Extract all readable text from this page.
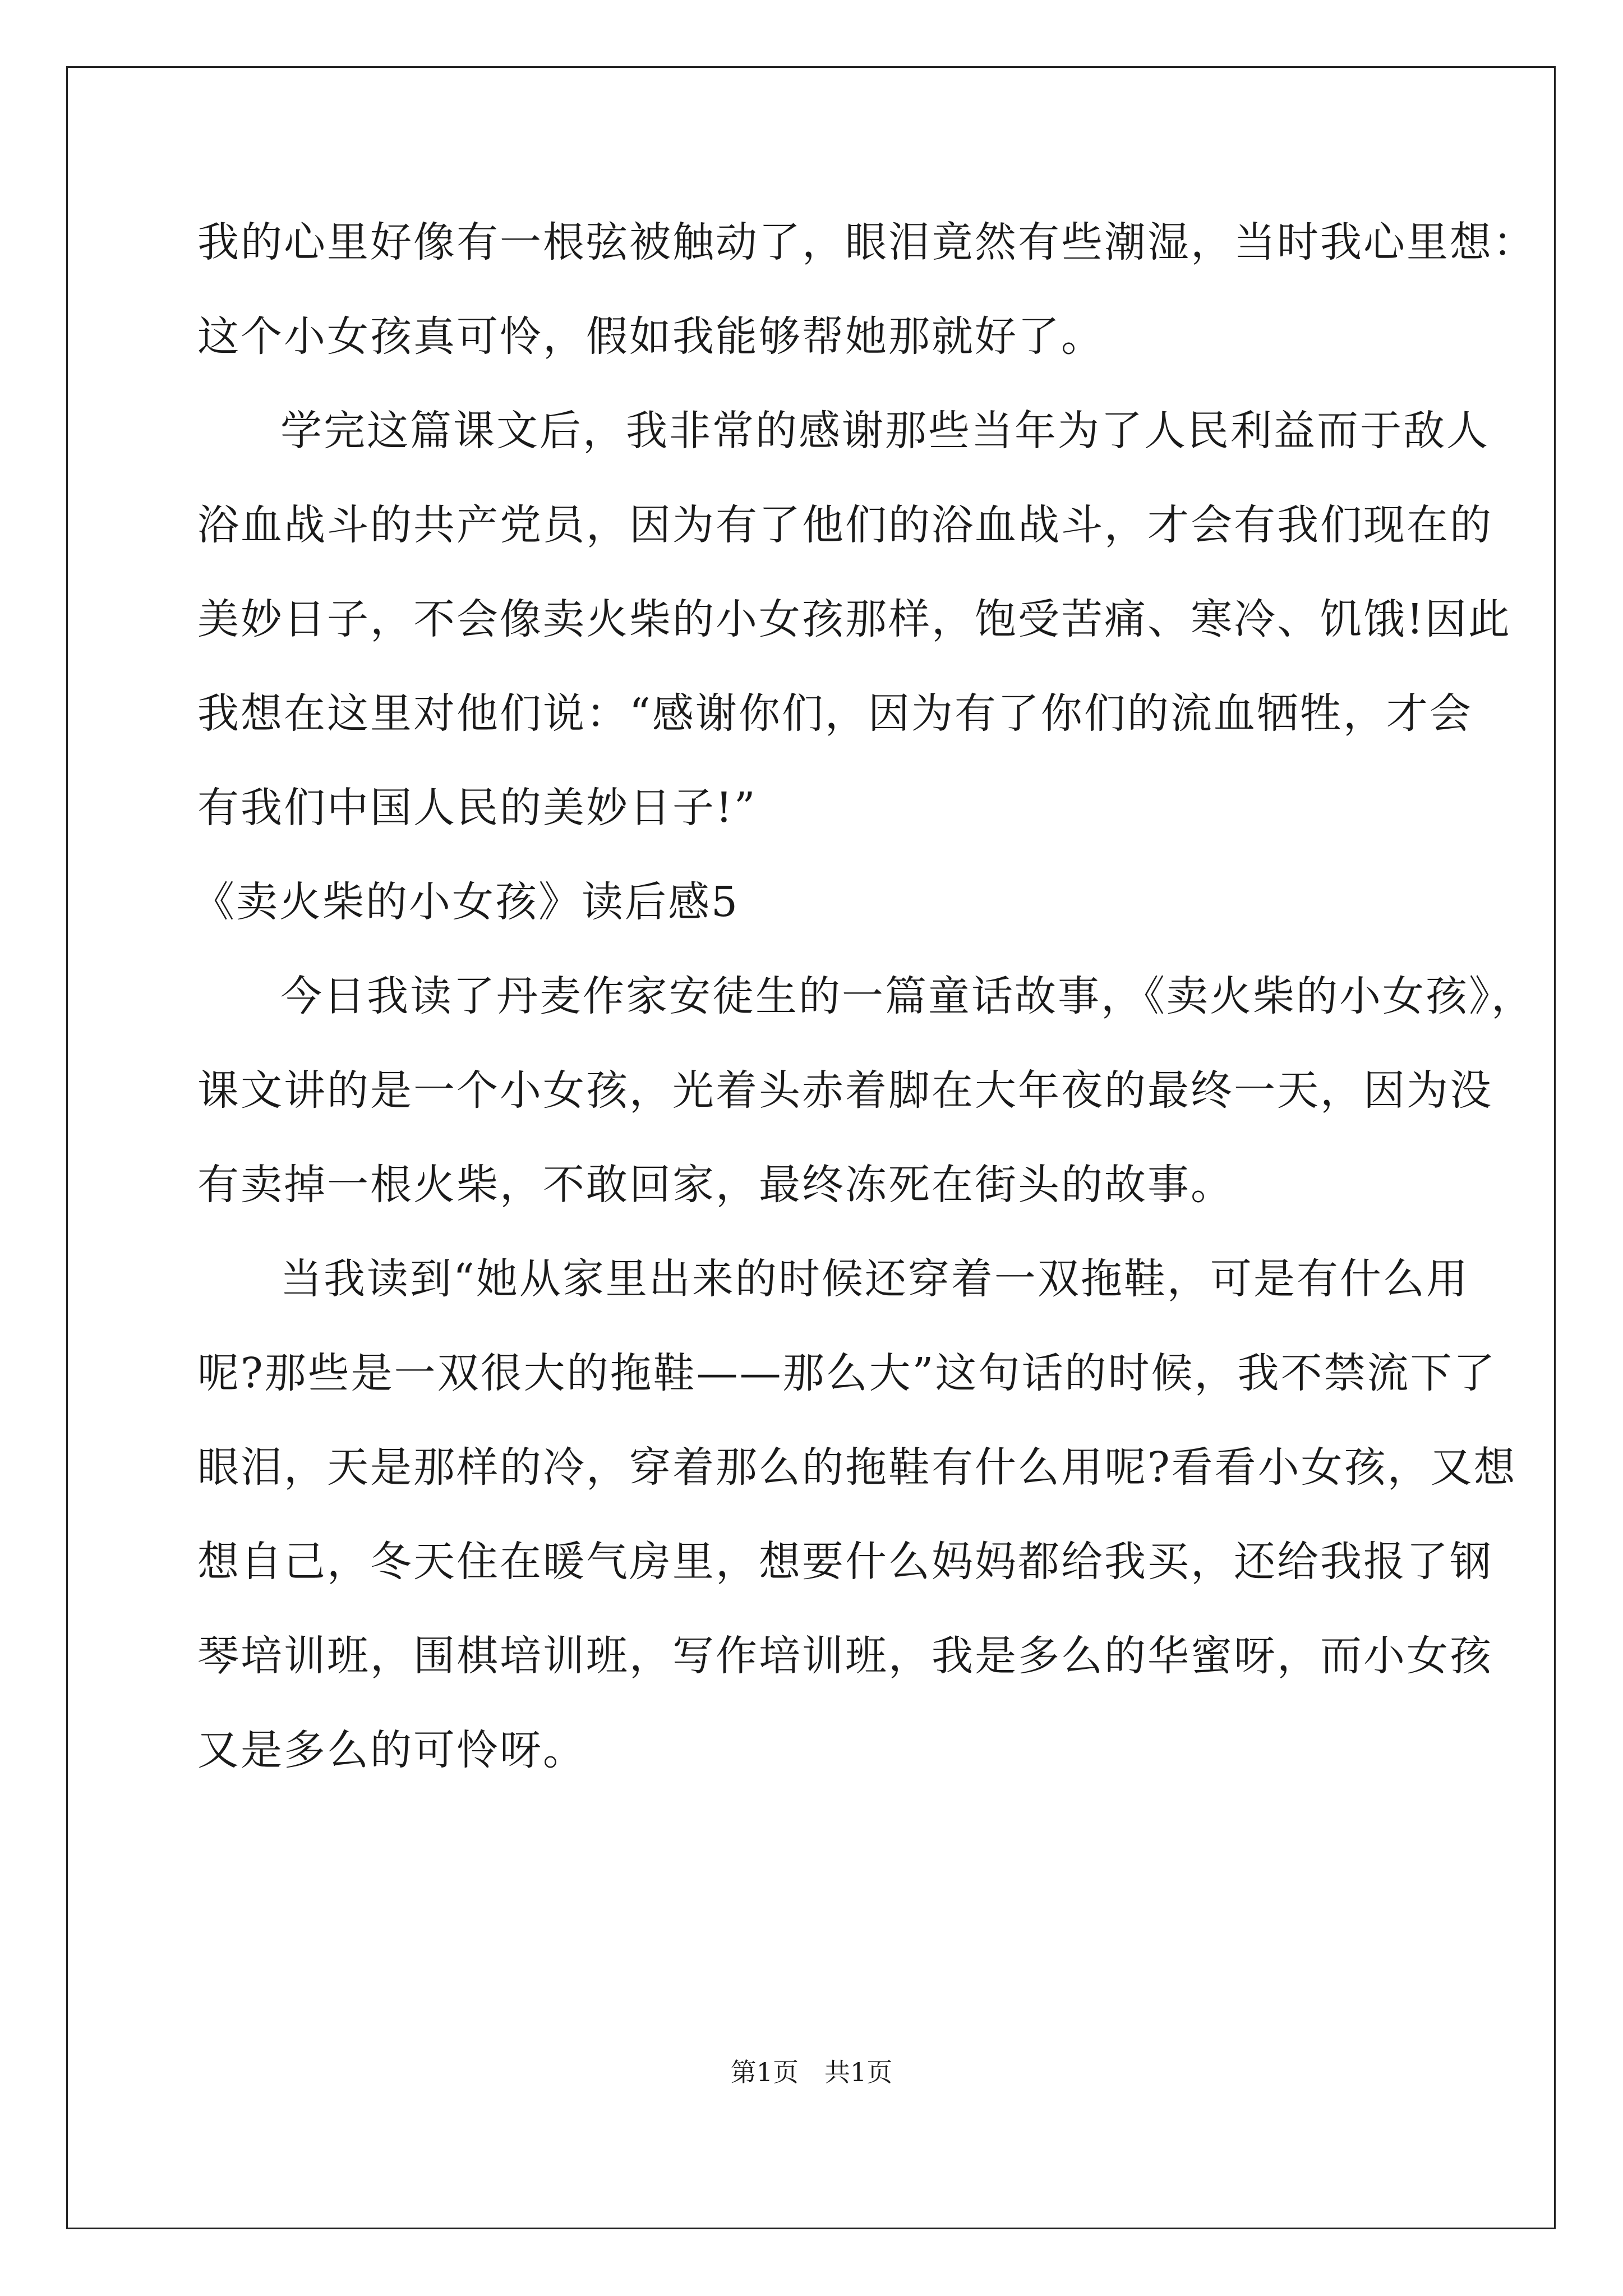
我的心里好像有一根弦被触动了，眼泪竟然有些潮湿，当时我心里想：
这个小女孩真可怜，假如我能够帮她那就好了。
学完这篇课文后，我非常的感谢那些当年为了人民利益而于敌人
浴血战斗的共产党员，因为有了他们的浴血战斗，才会有我们现在的
美妙日子，不会像卖火柴的小女孩那样，饱受苦痛、寒冷、饥饿!因此
我想在这里对他们说：“感谢你们，因为有了你们的流血牺牲，才会
有我们中国人民的美妙日子!”
《卖火柴的小女孩》读后感5
今日我读了丹麦作家安徒生的一篇童话故事，《卖火柴的小女孩》，
课文讲的是一个小女孩，光着头赤着脚在大年夜的最终一天，因为没
有卖掉一根火柴，不敢回家，最终冻死在街头的故事。
当我读到“她从家里出来的时候还穿着一双拖鞋，可是有什么用
呢?那些是一双很大的拖鞋——那么大”这句话的时候，我不禁流下了
眼泪，天是那样的冷，穿着那么的拖鞋有什么用呢?看看小女孩，又想
想自己，冬天住在暖气房里，想要什么妈妈都给我买，还给我报了钢
琴培训班，围棋培训班，写作培训班，我是多么的华蜜呀，而小女孩
又是多么的可怜呀。
第1页 共1页
